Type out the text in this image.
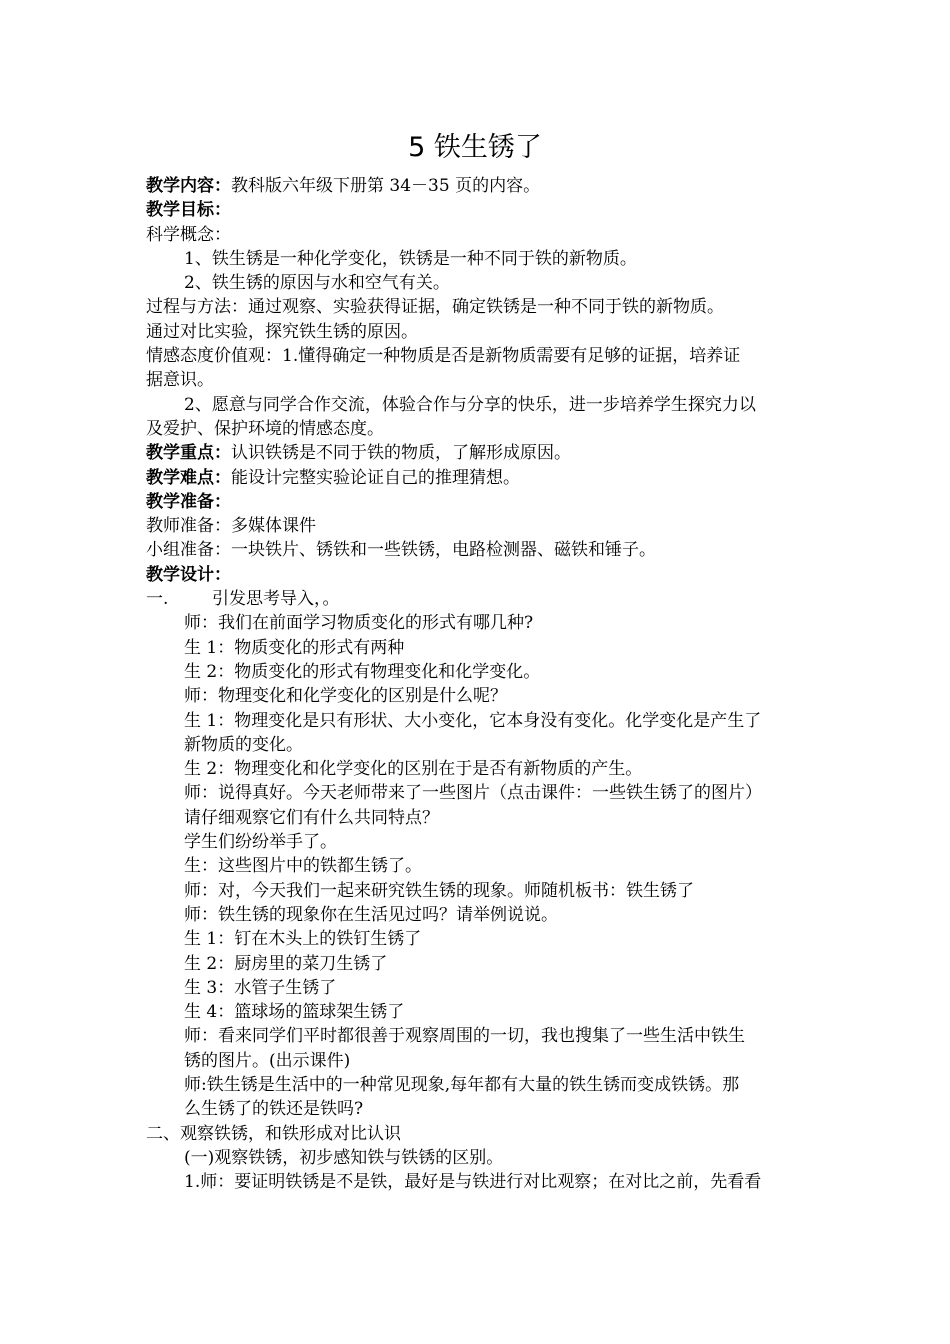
5 铁生锈了
教学内容：教科版六年级下册第 34－35 页的内容。
教学目标：
科学概念：
1、铁生锈是一种化学变化，铁锈是一种不同于铁的新物质。
2、铁生锈的原因与水和空气有关。
过程与方法：通过观察、实验获得证据，确定铁锈是一种不同于铁的新物质。
通过对比实验，探究铁生锈的原因。
情感态度价值观：1.懂得确定一种物质是否是新物质需要有足够的证据，培养证
据意识。
2、愿意与同学合作交流，体验合作与分享的快乐，进一步培养学生探究力以
及爱护、保护环境的情感态度。
教学重点：认识铁锈是不同于铁的物质，了解形成原因。
教学难点：能设计完整实验论证自己的推理猜想。
教学准备：
教师准备：多媒体课件
小组准备：一块铁片、锈铁和一些铁锈，电路检测器、磁铁和锤子。
教学设计：
一.	引发思考导入，。
师：我们在前面学习物质变化的形式有哪几种?
生 1：物质变化的形式有两种
生 2：物质变化的形式有物理变化和化学变化。
师：物理变化和化学变化的区别是什么呢？
生 1：物理变化是只有形状、大小变化，它本身没有变化。化学变化是产生了
新物质的变化。
生 2：物理变化和化学变化的区别在于是否有新物质的产生。
师：说得真好。今天老师带来了一些图片（点击课件：一些铁生锈了的图片）
请仔细观察它们有什么共同特点？
学生们纷纷举手了。
生：这些图片中的铁都生锈了。
师：对，今天我们一起来研究铁生锈的现象。师随机板书：铁生锈了
师：铁生锈的现象你在生活见过吗？请举例说说。
生 1：钉在木头上的铁钉生锈了
生 2：厨房里的菜刀生锈了
生 3：水管子生锈了
生 4：篮球场的篮球架生锈了
师：看来同学们平时都很善于观察周围的一切，我也搜集了一些生活中铁生
锈的图片。(出示课件)
师:铁生锈是生活中的一种常见现象,每年都有大量的铁生锈而变成铁锈。那
么生锈了的铁还是铁吗?
二、观察铁锈，和铁形成对比认识
(一)观察铁锈，初步感知铁与铁锈的区别。
1.师：要证明铁锈是不是铁，最好是与铁进行对比观察；在对比之前，先看看
